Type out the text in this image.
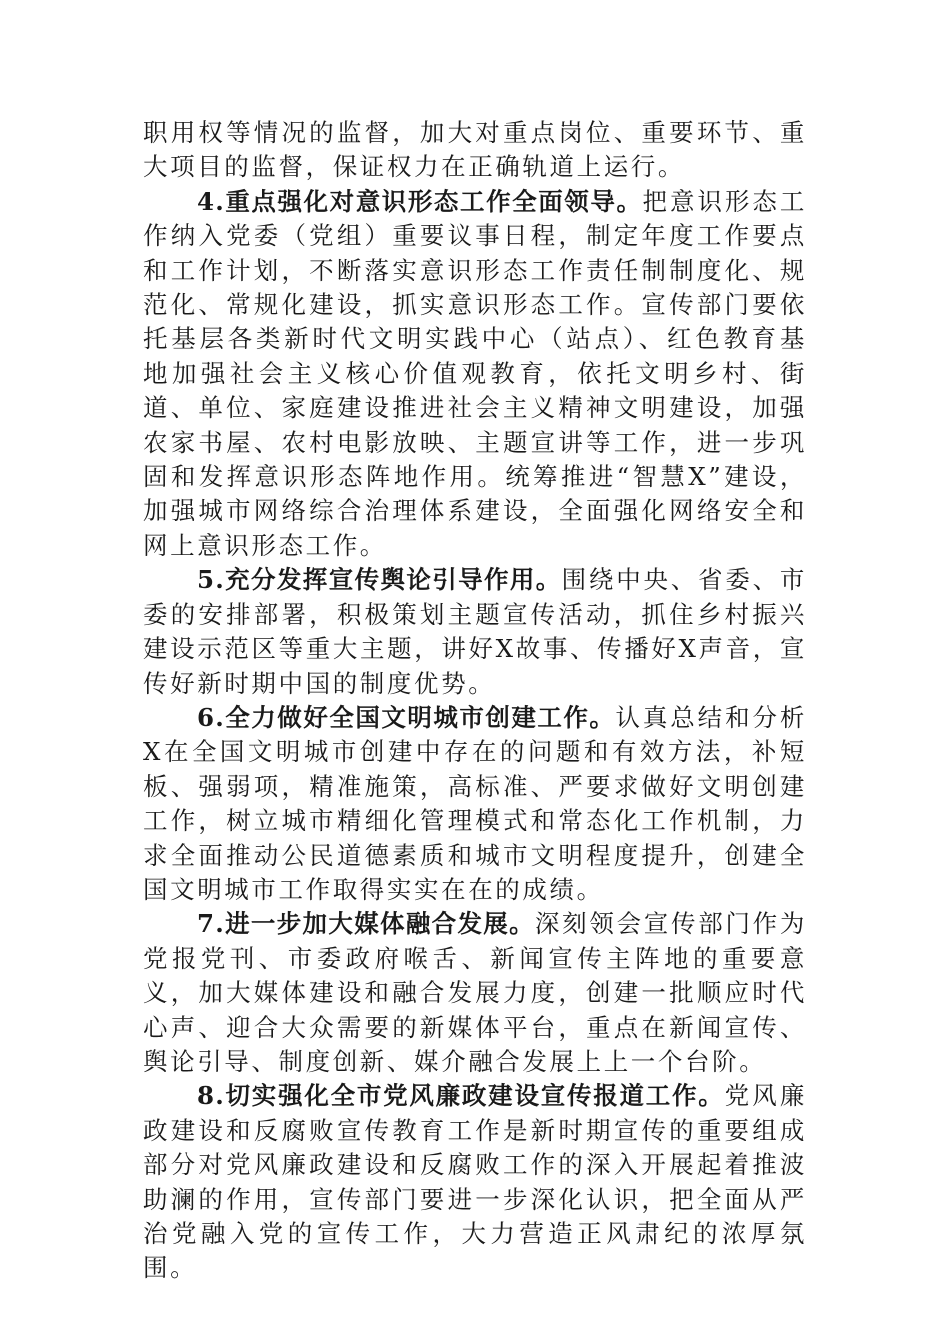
职用权等情况的监督，加大对重点岗位、重要环节、重大项目的监督，保证权力在正确轨道上运行。

4.重点强化对意识形态工作全面领导。把意识形态工作纳入党委（党组）重要议事日程，制定年度工作要点和工作计划，不断落实意识形态工作责任制制度化、规范化、常规化建设，抓实意识形态工作。宣传部门要依托基层各类新时代文明实践中心（站点）、红色教育基地加强社会主义核心价值观教育，依托文明乡村、街道、单位、家庭建设推进社会主义精神文明建设，加强农家书屋、农村电影放映、主题宣讲等工作，进一步巩固和发挥意识形态阵地作用。统筹推进“智慧X”建设，加强城市网络综合治理体系建设，全面强化网络安全和网上意识形态工作。

5.充分发挥宣传舆论引导作用。围绕中央、省委、市委的安排部署，积极策划主题宣传活动，抓住乡村振兴建设示范区等重大主题，讲好X故事、传播好X声音，宣传好新时期中国的制度优势。

6.全力做好全国文明城市创建工作。认真总结和分析X在全国文明城市创建中存在的问题和有效方法，补短板、强弱项，精准施策，高标准、严要求做好文明创建工作，树立城市精细化管理模式和常态化工作机制，力求全面推动公民道德素质和城市文明程度提升，创建全国文明城市工作取得实实在在的成绩。

7.进一步加大媒体融合发展。深刻领会宣传部门作为党报党刊、市委政府喉舌、新闻宣传主阵地的重要意义，加大媒体建设和融合发展力度，创建一批顺应时代心声、迎合大众需要的新媒体平台，重点在新闻宣传、舆论引导、制度创新、媒介融合发展上上一个台阶。

8.切实强化全市党风廉政建设宣传报道工作。党风廉政建设和反腐败宣传教育工作是新时期宣传的重要组成部分对党风廉政建设和反腐败工作的深入开展起着推波助澜的作用，宣传部门要进一步深化认识，把全面从严治党融入党的宣传工作，大力营造正风肃纪的浓厚氛围。
